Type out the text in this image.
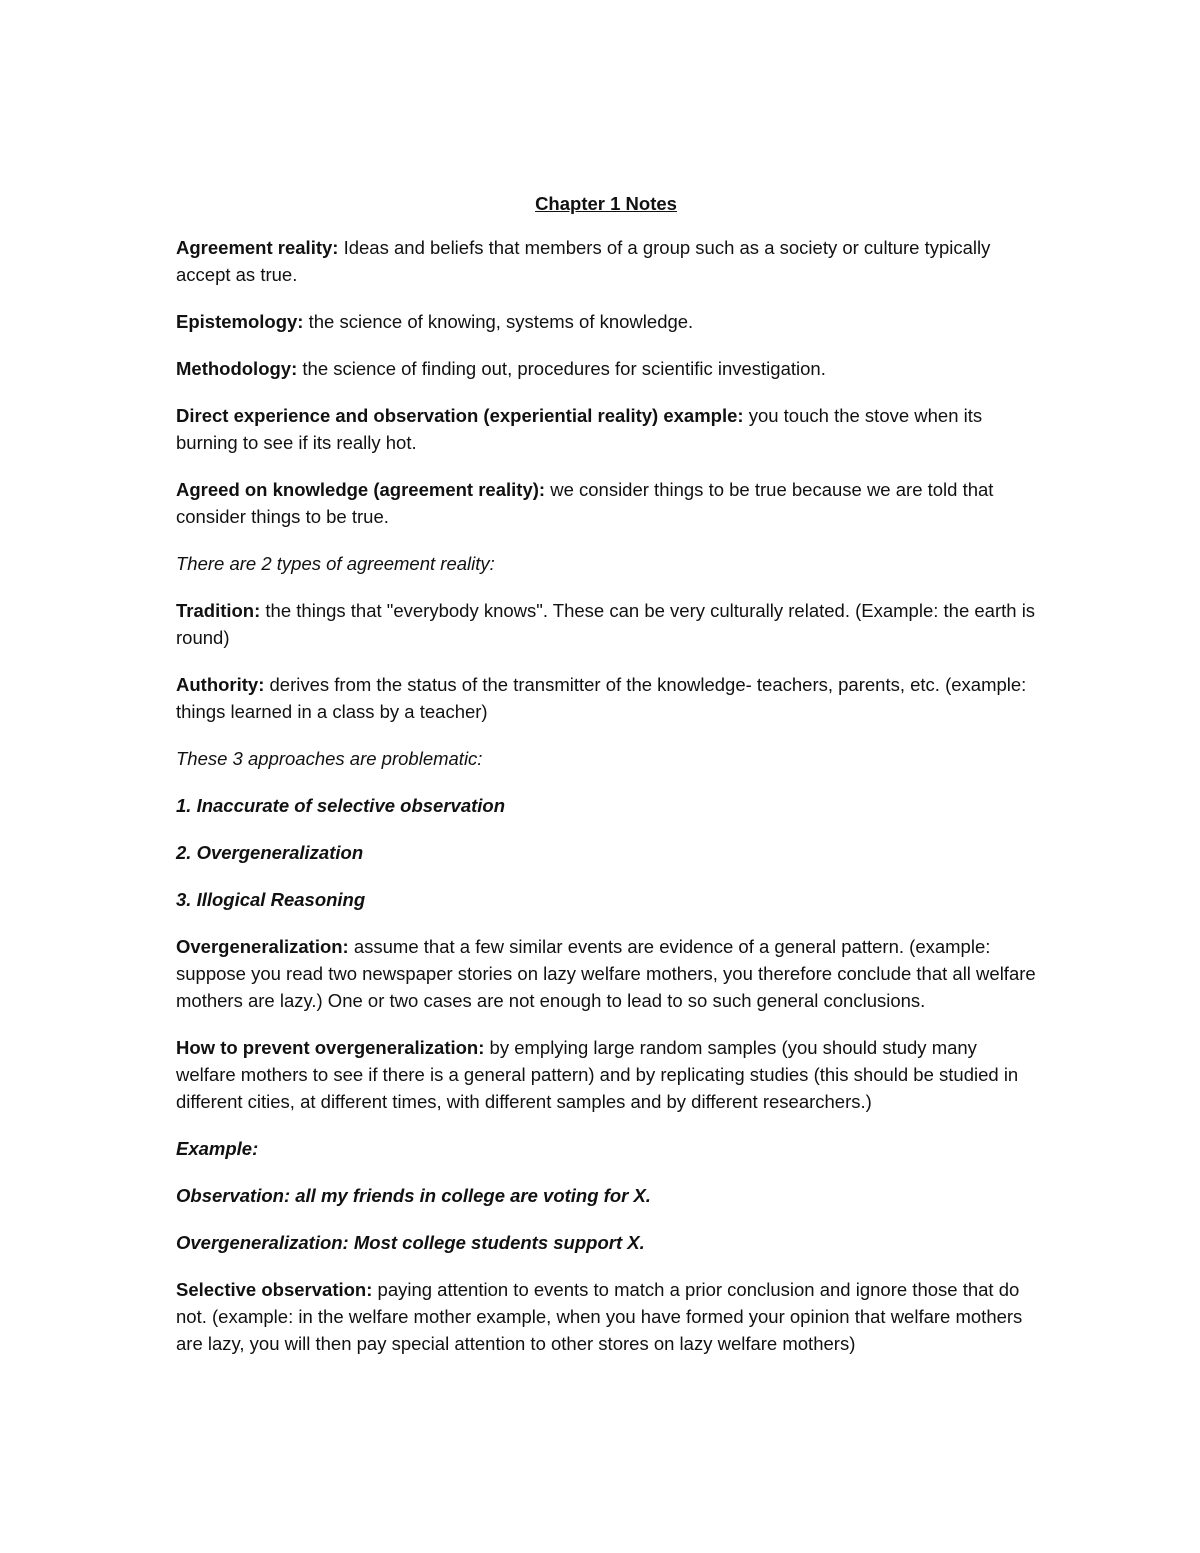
Chapter 1 Notes
Agreement reality: Ideas and beliefs that members of a group such as a society or culture typically accept as true.
Epistemology: the science of knowing, systems of knowledge.
Methodology: the science of finding out, procedures for scientific investigation.
Direct experience and observation (experiential reality) example: you touch the stove when its burning to see if its really hot.
Agreed on knowledge (agreement reality): we consider things to be true because we are told that consider things to be true.
There are 2 types of agreement reality:
Tradition: the things that "everybody knows". These can be very culturally related. (Example: the earth is round)
Authority: derives from the status of the transmitter of the knowledge- teachers, parents, etc. (example: things learned in a class by a teacher)
These 3 approaches are problematic:
1. Inaccurate of selective observation
2. Overgeneralization
3. Illogical Reasoning
Overgeneralization: assume that a few similar events are evidence of a general pattern. (example: suppose you read two newspaper stories on lazy welfare mothers, you therefore conclude that all welfare mothers are lazy.) One or two cases are not enough to lead to so such general conclusions.
How to prevent overgeneralization: by emplying large random samples (you should study many welfare mothers to see if there is a general pattern) and by replicating studies (this should be studied in different cities, at different times, with different samples and by different researchers.)
Example:
Observation: all my friends in college are voting for X.
Overgeneralization: Most college students support X.
Selective observation: paying attention to events to match a prior conclusion and ignore those that do not. (example: in the welfare mother example, when you have formed your opinion that welfare mothers are lazy, you will then pay special attention to other stores on lazy welfare mothers)
